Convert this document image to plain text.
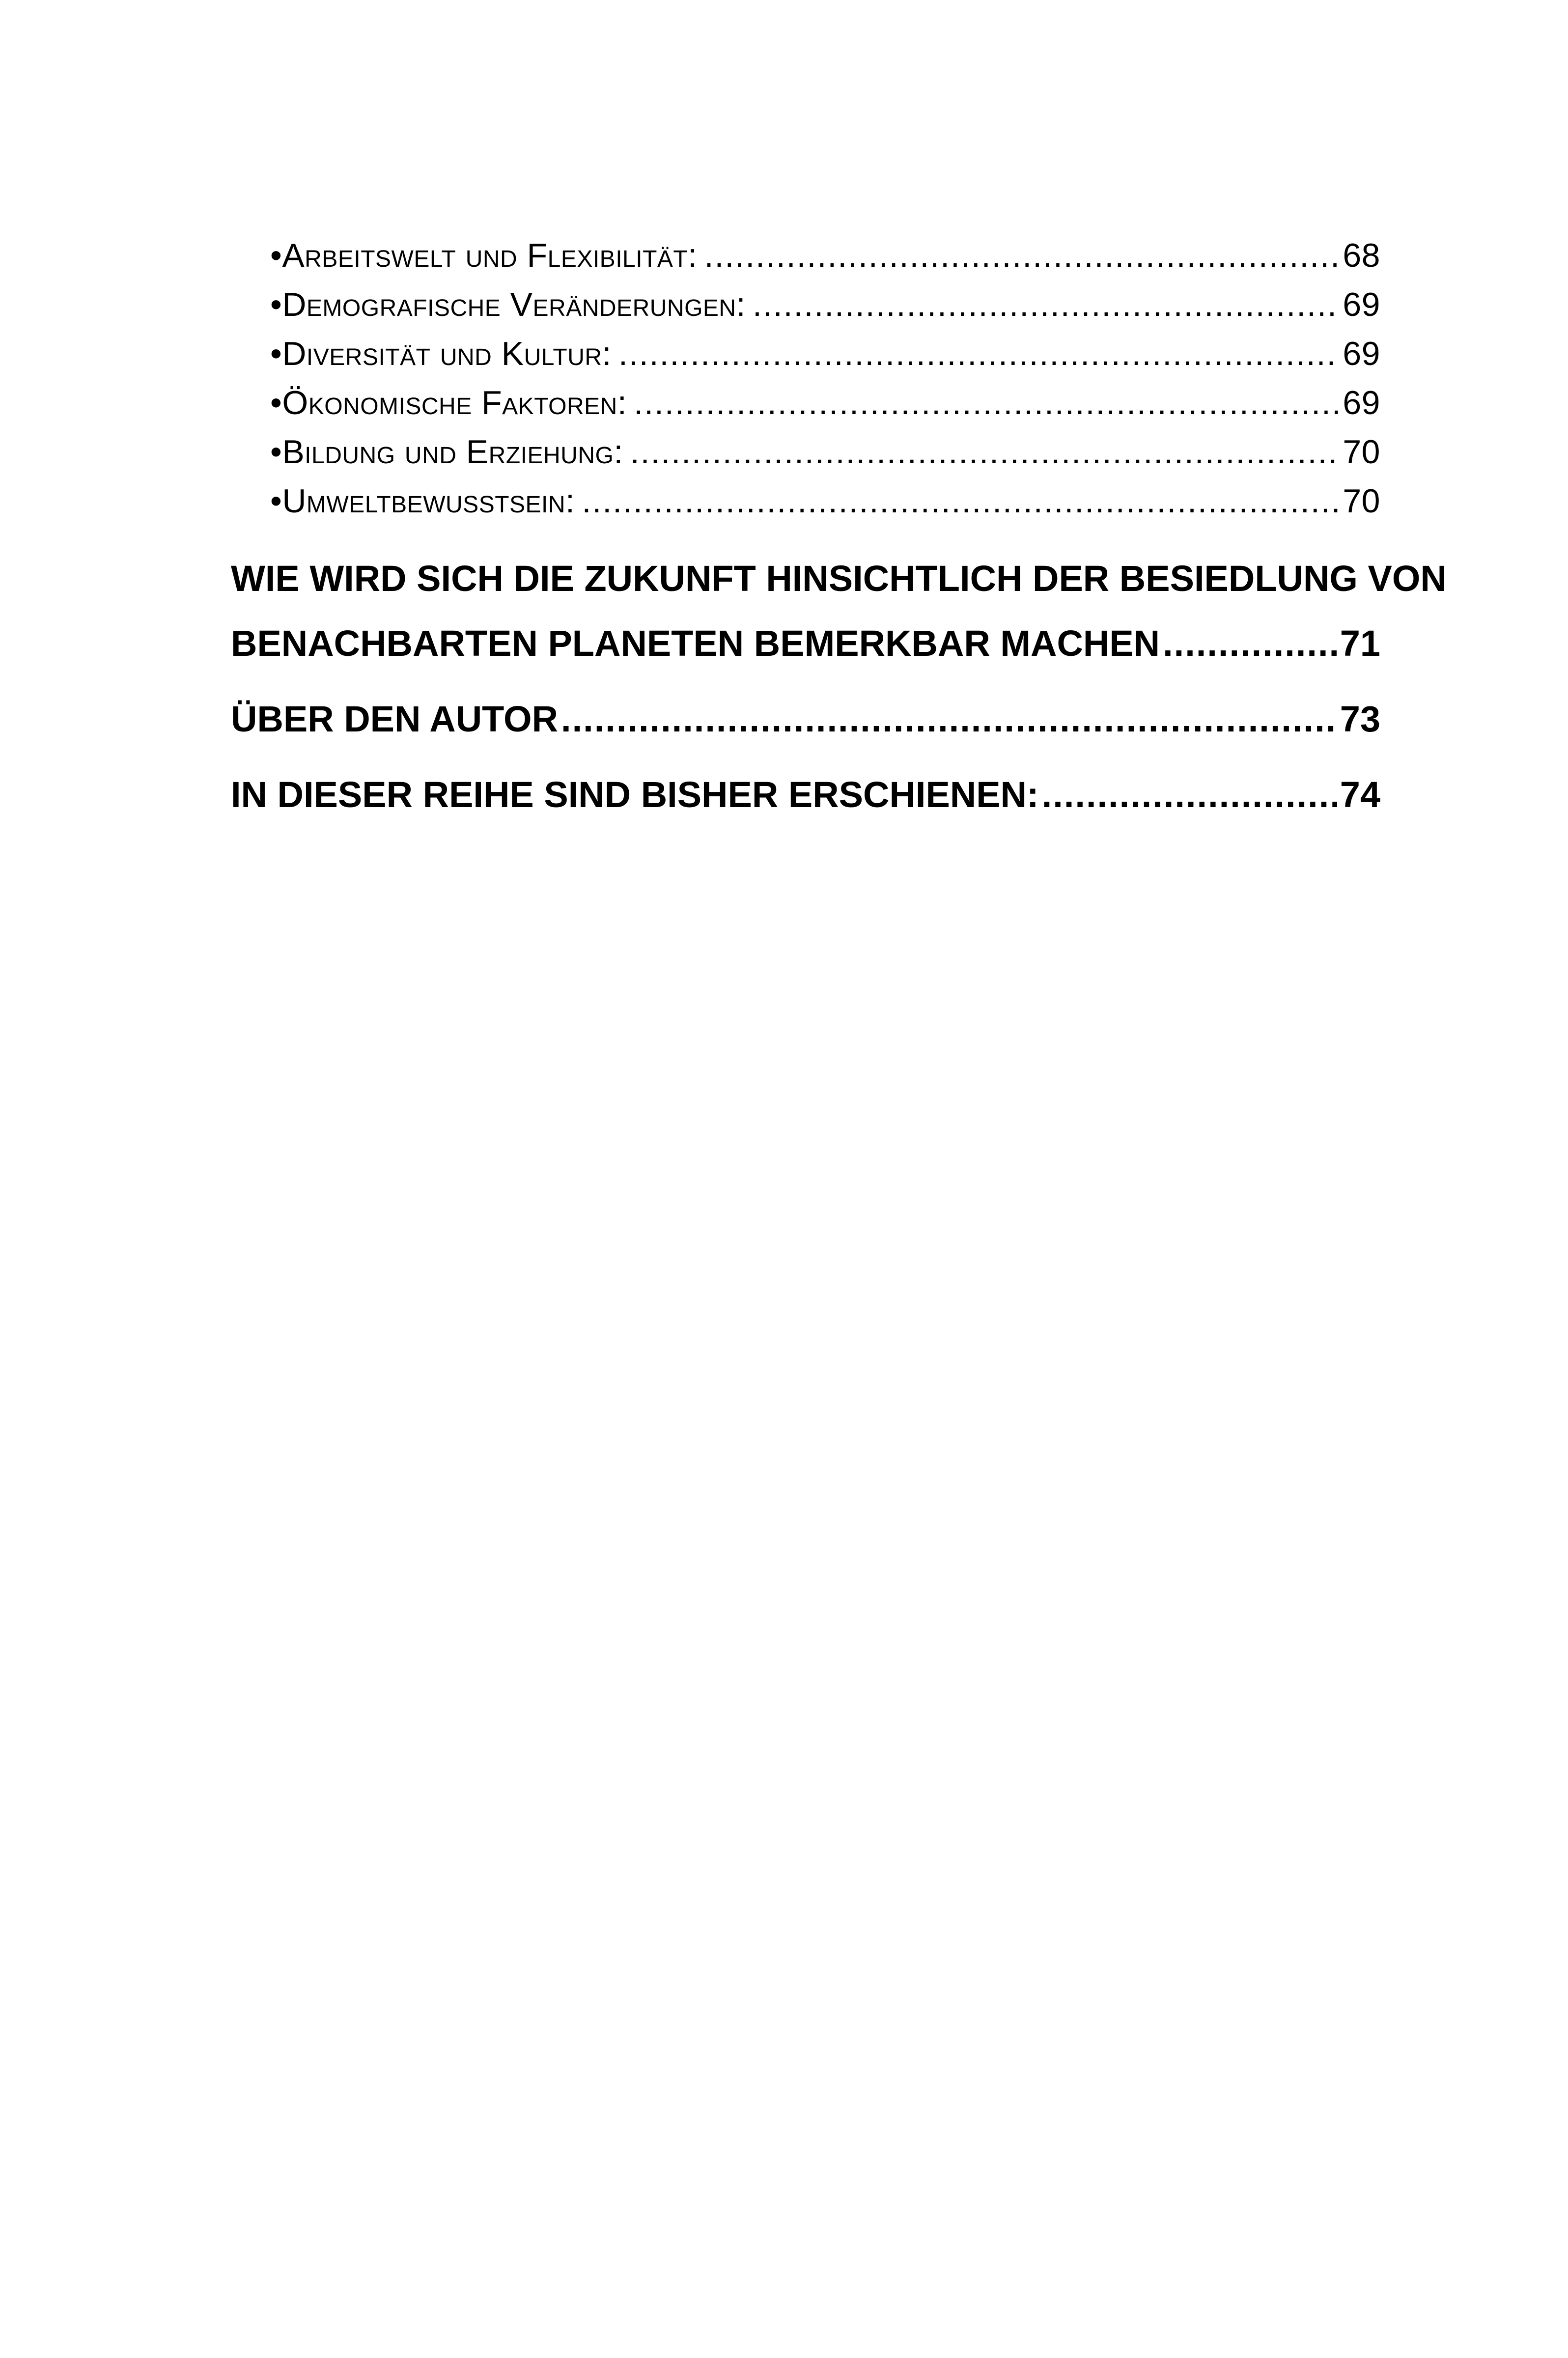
• Arbeitswelt und Flexibilität: .....	68
• Demografische Veränderungen: .....	69
• Diversität und Kultur: .....	69
• Ökonomische Faktoren: .....	69
• Bildung und Erziehung: .....	70
• Umweltbewusstsein: .....	70
WIE WIRD SICH DIE ZUKUNFT HINSICHTLICH DER BESIEDLUNG VON
BENACHBARTEN PLANETEN BEMERKBAR MACHEN .....	71
ÜBER DEN AUTOR .....	73
IN DIESER REIHE SIND BISHER ERSCHIENEN: .....	74
